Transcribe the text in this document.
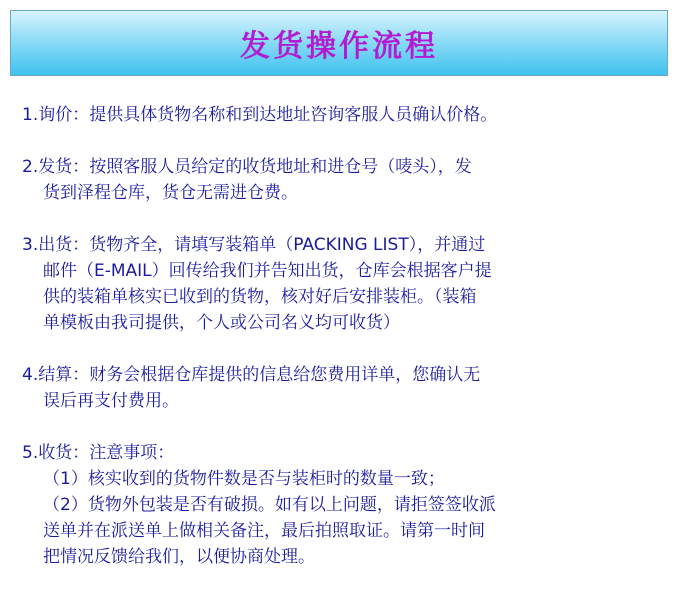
发货操作流程
1.询价：提供具体货物名称和到达地址咨询客服人员确认价格。
2.发货：按照客服人员给定的收货地址和进仓号（唛头），发
货到泽程仓库，货仓无需进仓费。
3.出货：货物齐全，请填写装箱单（PACKING LIST），并通过
邮件（E-MAIL）回传给我们并告知出货，仓库会根据客户提
供的装箱单核实已收到的货物，核对好后安排装柜。（装箱
单模板由我司提供，个人或公司名义均可收货）
4.结算：财务会根据仓库提供的信息给您费用详单，您确认无
误后再支付费用。
5.收货：注意事项：
（1）核实收到的货物件数是否与装柜时的数量一致；
（2）货物外包装是否有破损。如有以上问题，请拒签签收派
送单并在派送单上做相关备注，最后拍照取证。请第一时间
把情况反馈给我们，以便协商处理。
